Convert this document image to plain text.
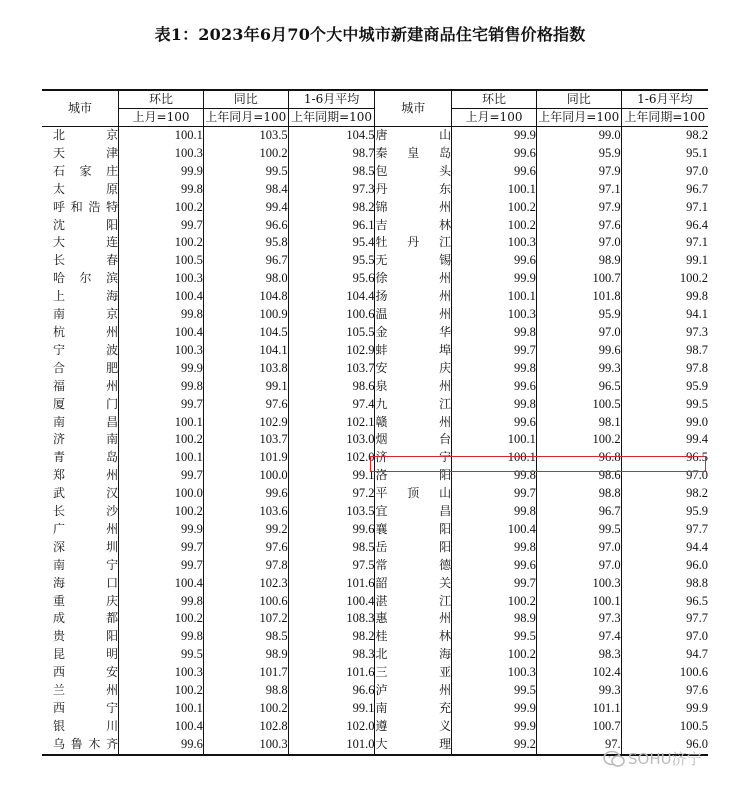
表1：2023年6月70个大中城市新建商品住宅销售价格指数
城市	环比	同比	1-6月平均	城市	环比	同比	1-6月平均
	上月=100	上年同月=100	上年同期=100		上月=100	上年同月=100	上年同期=100
北京	100.1	103.5	104.5	唐山	99.9	99.0	98.2
天津	100.3	100.2	98.7	秦皇岛	99.6	95.9	95.1
石家庄	99.9	99.5	98.5	包头	99.6	97.9	97.0
太原	99.8	98.4	97.3	丹东	100.1	97.1	96.7
呼和浩特	100.2	99.4	98.2	锦州	100.2	97.9	97.1
沈阳	99.7	96.6	96.1	吉林	100.2	97.6	96.4
大连	100.2	95.8	95.4	牡丹江	100.3	97.0	97.1
长春	100.5	96.7	95.5	无锡	99.6	98.9	99.1
哈尔滨	100.3	98.0	95.6	徐州	99.9	100.7	100.2
上海	100.4	104.8	104.4	扬州	100.1	101.8	99.8
南京	99.8	100.9	100.6	温州	100.3	95.9	94.1
杭州	100.4	104.5	105.5	金华	99.8	97.0	97.3
宁波	100.3	104.1	102.9	蚌埠	99.7	99.6	98.7
合肥	99.9	103.8	103.7	安庆	99.8	99.3	97.8
福州	99.8	99.1	98.6	泉州	99.6	96.5	95.9
厦门	99.7	97.6	97.4	九江	99.8	100.5	99.5
南昌	100.1	102.9	102.1	赣州	99.6	98.1	99.0
济南	100.2	103.7	103.0	烟台	100.1	100.2	99.4
青岛	100.1	101.9	102.0	济宁	100.1	96.8	96.5
郑州	99.7	100.0	99.1	洛阳	99.8	98.6	97.0
武汉	100.0	99.6	97.2	平顶山	99.7	98.8	98.2
长沙	100.2	103.6	103.5	宜昌	99.8	96.7	95.9
广州	99.9	99.2	99.6	襄阳	100.4	99.5	97.7
深圳	99.7	97.6	98.5	岳阳	99.8	97.0	94.4
南宁	99.7	97.8	97.5	常德	99.6	97.0	96.0
海口	100.4	102.3	101.6	韶关	99.7	100.3	98.8
重庆	99.8	100.6	100.4	湛江	100.2	100.1	96.5
成都	100.2	107.2	108.3	惠州	98.9	97.3	97.7
贵阳	99.8	98.5	98.2	桂林	99.5	97.4	97.0
昆明	99.5	98.9	98.3	北海	100.2	98.3	94.7
西安	100.3	101.7	101.6	三亚	100.3	102.4	100.6
兰州	100.2	98.8	96.6	泸州	99.5	99.3	97.6
西宁	100.1	100.2	99.1	南充	99.9	101.1	99.9
银川	100.4	102.8	102.0	遵义	99.9	100.7	100.5
乌鲁木齐	99.6	100.3	101.0	大理	99.2	97.	96.0
SOHU济宁
